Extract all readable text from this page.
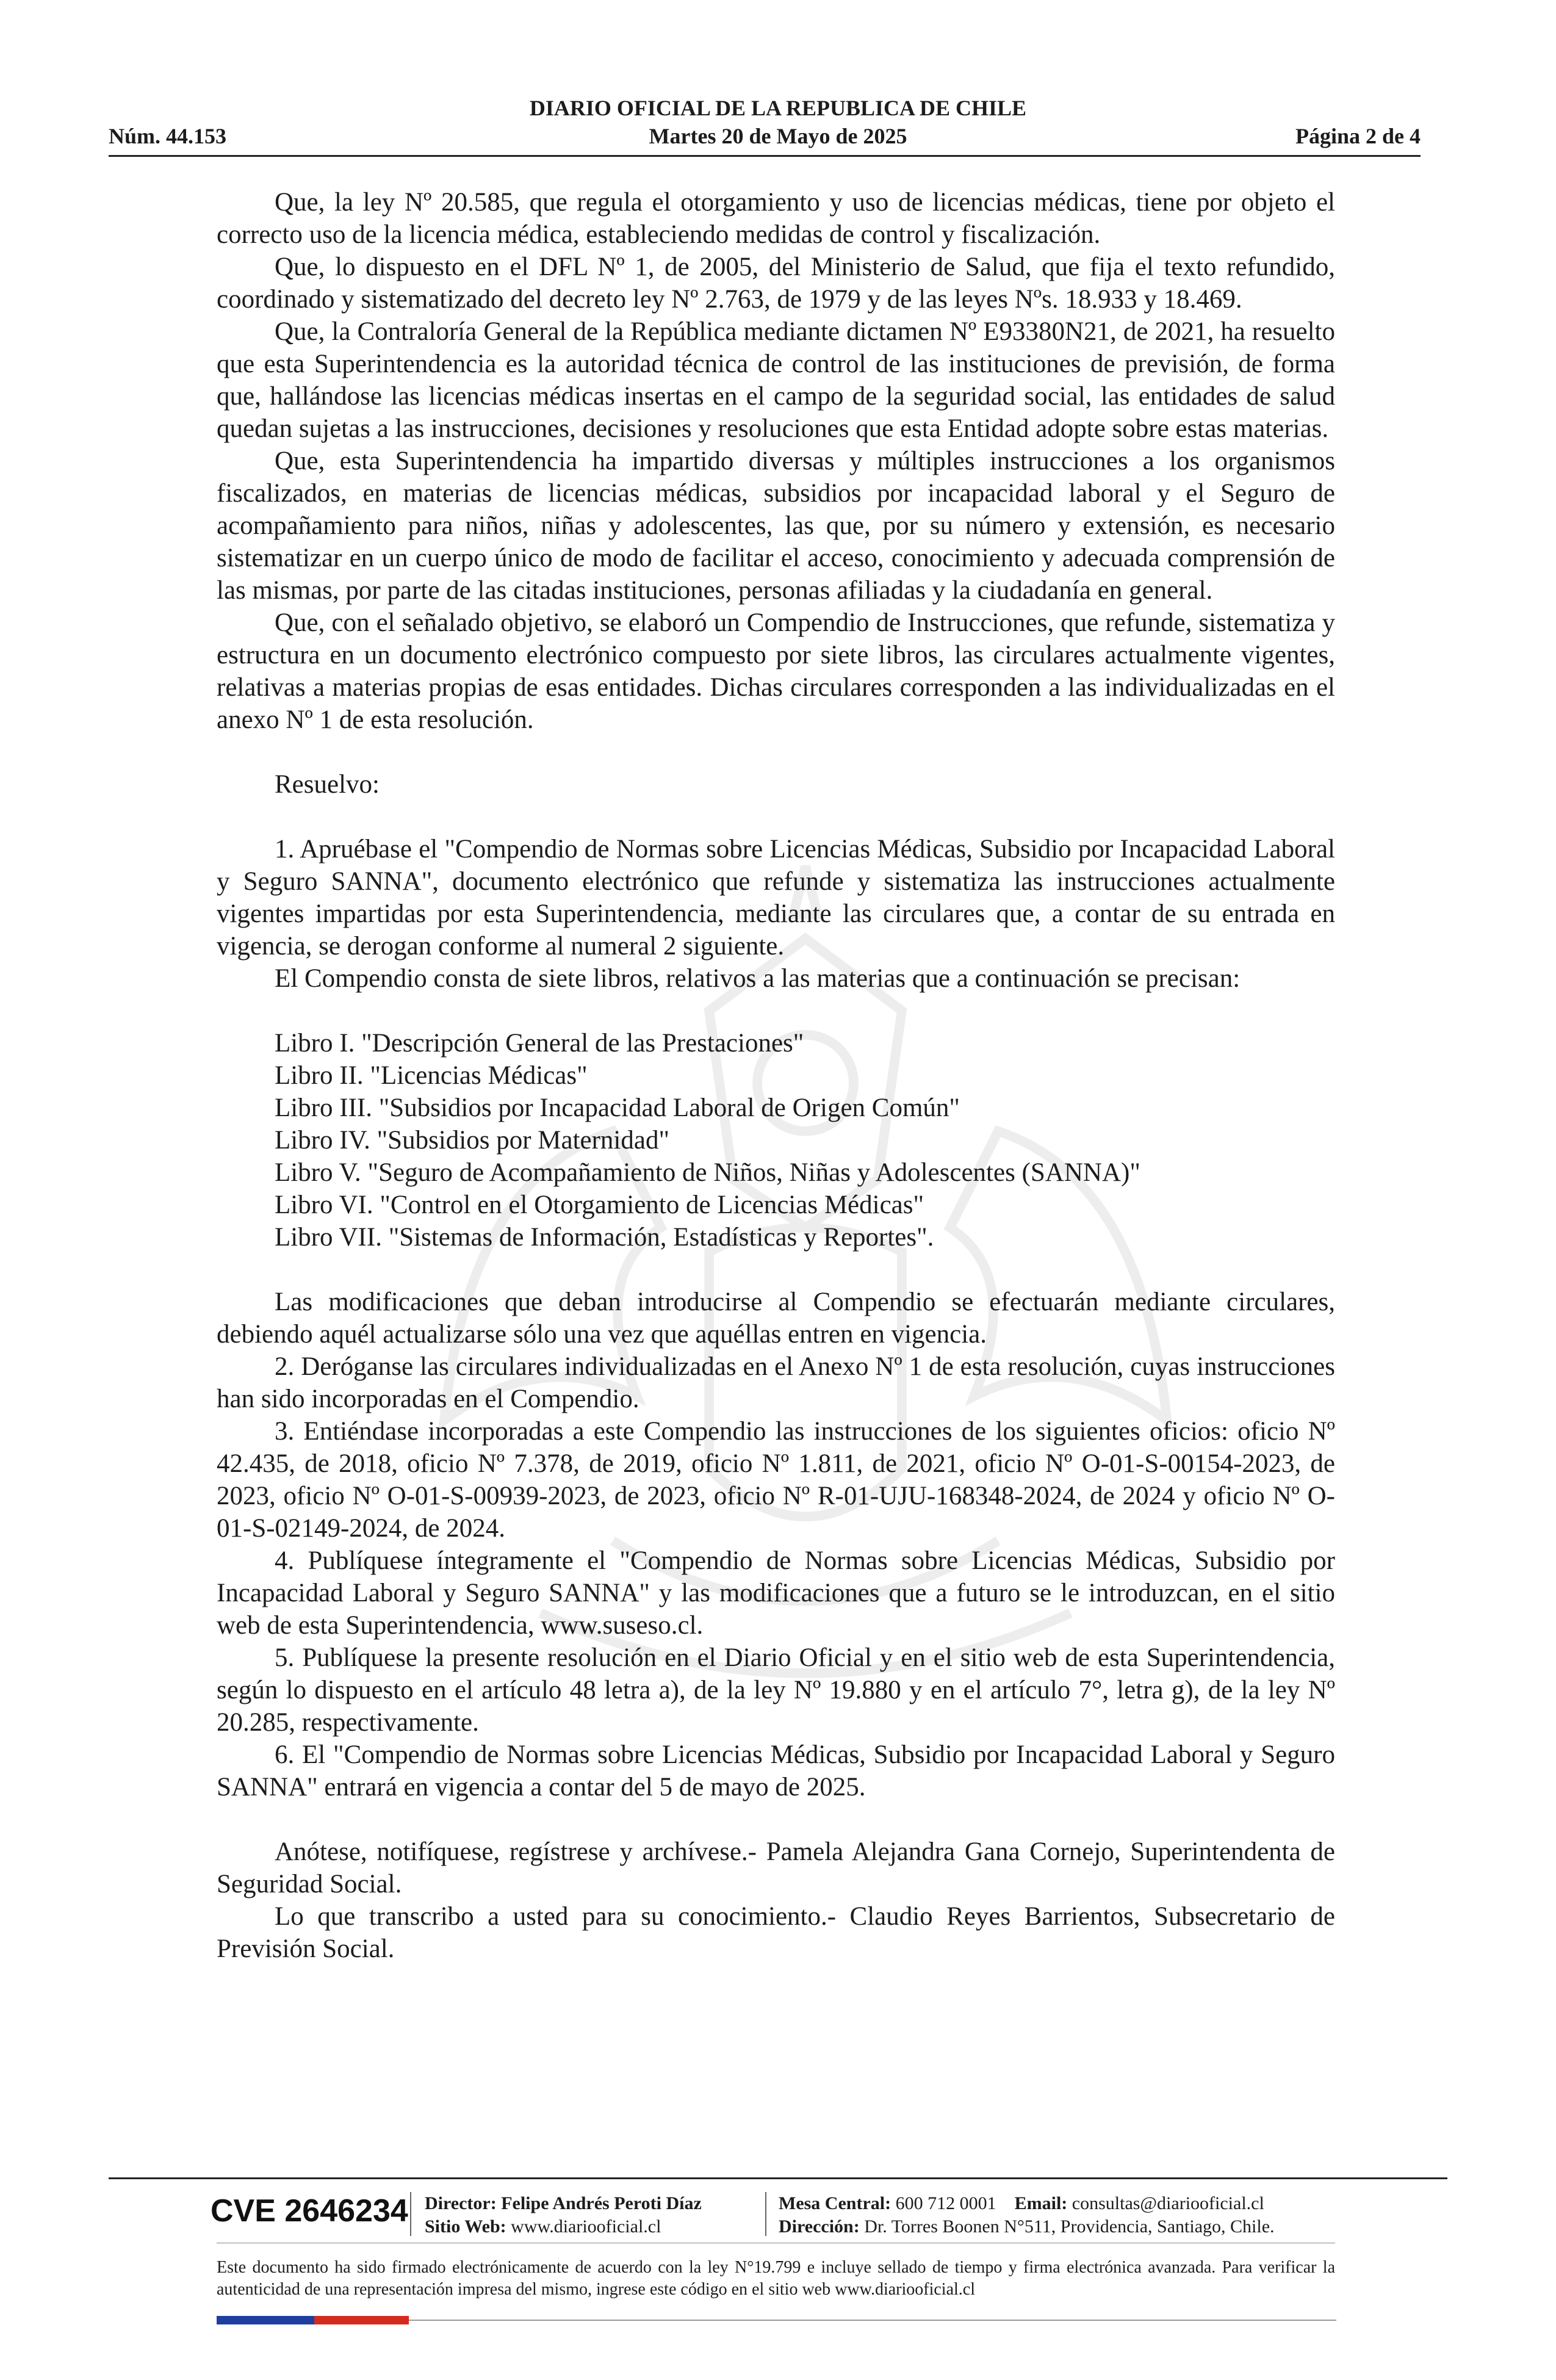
DIARIO OFICIAL DE LA REPUBLICA DE CHILE
Núm. 44.153	Martes 20 de Mayo de 2025	Página 2 de 4

Que, la ley Nº 20.585, que regula el otorgamiento y uso de licencias médicas, tiene por objeto el correcto uso de la licencia médica, estableciendo medidas de control y fiscalización.

Que, lo dispuesto en el DFL Nº 1, de 2005, del Ministerio de Salud, que fija el texto refundido, coordinado y sistematizado del decreto ley Nº 2.763, de 1979 y de las leyes Nºs. 18.933 y 18.469.

Que, la Contraloría General de la República mediante dictamen Nº E93380N21, de 2021, ha resuelto que esta Superintendencia es la autoridad técnica de control de las instituciones de previsión, de forma que, hallándose las licencias médicas insertas en el campo de la seguridad social, las entidades de salud quedan sujetas a las instrucciones, decisiones y resoluciones que esta Entidad adopte sobre estas materias.

Que, esta Superintendencia ha impartido diversas y múltiples instrucciones a los organismos fiscalizados, en materias de licencias médicas, subsidios por incapacidad laboral y el Seguro de acompañamiento para niños, niñas y adolescentes, las que, por su número y extensión, es necesario sistematizar en un cuerpo único de modo de facilitar el acceso, conocimiento y adecuada comprensión de las mismas, por parte de las citadas instituciones, personas afiliadas y la ciudadanía en general.

Que, con el señalado objetivo, se elaboró un Compendio de Instrucciones, que refunde, sistematiza y estructura en un documento electrónico compuesto por siete libros, las circulares actualmente vigentes, relativas a materias propias de esas entidades. Dichas circulares corresponden a las individualizadas en el anexo Nº 1 de esta resolución.

Resuelvo:

1. Apruébase el "Compendio de Normas sobre Licencias Médicas, Subsidio por Incapacidad Laboral y Seguro SANNA", documento electrónico que refunde y sistematiza las instrucciones actualmente vigentes impartidas por esta Superintendencia, mediante las circulares que, a contar de su entrada en vigencia, se derogan conforme al numeral 2 siguiente.

El Compendio consta de siete libros, relativos a las materias que a continuación se precisan:

Libro I. "Descripción General de las Prestaciones"

Libro II. "Licencias Médicas"

Libro III. "Subsidios por Incapacidad Laboral de Origen Común"

Libro IV. "Subsidios por Maternidad"

Libro V. "Seguro de Acompañamiento de Niños, Niñas y Adolescentes (SANNA)"

Libro VI. "Control en el Otorgamiento de Licencias Médicas"

Libro VII. "Sistemas de Información, Estadísticas y Reportes".

Las modificaciones que deban introducirse al Compendio se efectuarán mediante circulares, debiendo aquél actualizarse sólo una vez que aquéllas entren en vigencia.

2. Deróganse las circulares individualizadas en el Anexo Nº 1 de esta resolución, cuyas instrucciones han sido incorporadas en el Compendio.

3. Entiéndase incorporadas a este Compendio las instrucciones de los siguientes oficios: oficio Nº 42.435, de 2018, oficio Nº 7.378, de 2019, oficio Nº 1.811, de 2021, oficio Nº O-01-S-00154-2023, de 2023, oficio Nº O-01-S-00939-2023, de 2023, oficio Nº R-01-UJU-168348-2024, de 2024 y oficio Nº O-01-S-02149-2024, de 2024.

4. Publíquese íntegramente el "Compendio de Normas sobre Licencias Médicas, Subsidio por Incapacidad Laboral y Seguro SANNA" y las modificaciones que a futuro se le introduzcan, en el sitio web de esta Superintendencia, www.suseso.cl.

5. Publíquese la presente resolución en el Diario Oficial y en el sitio web de esta Superintendencia, según lo dispuesto en el artículo 48 letra a), de la ley Nº 19.880 y en el artículo 7°, letra g), de la ley Nº 20.285, respectivamente.

6. El "Compendio de Normas sobre Licencias Médicas, Subsidio por Incapacidad Laboral y Seguro SANNA" entrará en vigencia a contar del 5 de mayo de 2025.

Anótese, notifíquese, regístrese y archívese.- Pamela Alejandra Gana Cornejo, Superintendenta de Seguridad Social.

Lo que transcribo a usted para su conocimiento.- Claudio Reyes Barrientos, Subsecretario de Previsión Social.

CVE 2646234 Director: Felipe Andrés Peroti Díaz
Sitio Web: www.diariooficial.cl
Mesa Central: 600 712 0001 Email: consultas@diariooficial.cl
Dirección: Dr. Torres Boonen N°511, Providencia, Santiago, Chile.
Este documento ha sido firmado electrónicamente de acuerdo con la ley N°19.799 e incluye sellado de tiempo y firma electrónica avanzada. Para verificar la autenticidad de una representación impresa del mismo, ingrese este código en el sitio web www.diariooficial.cl
